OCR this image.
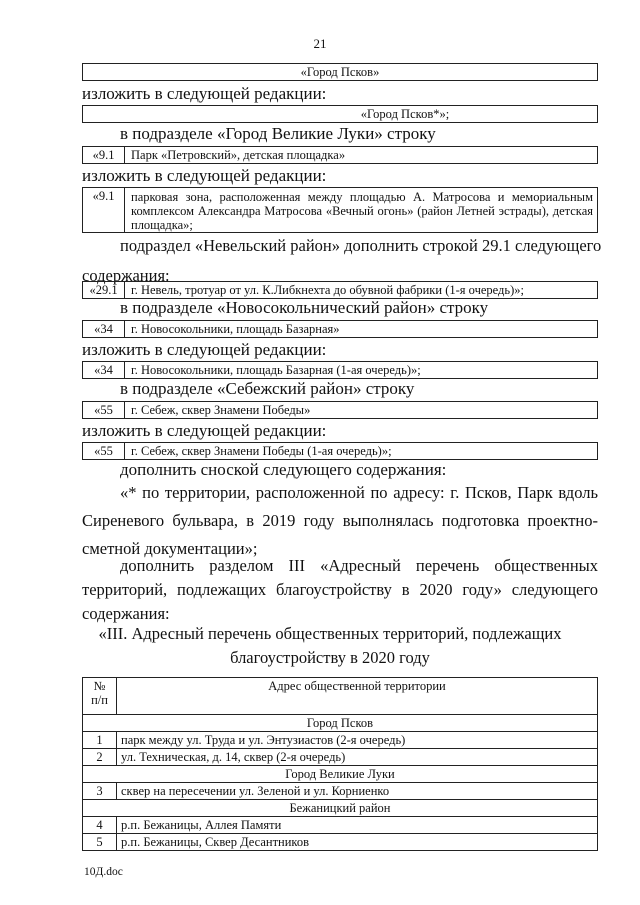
21
«Город Псков»
изложить в следующей редакции:
«Город Псков*»;
в подразделе «Город Великие Луки» строку
«9.1	Парк «Петровский», детская площадка»
изложить в следующей редакции:
«9.1	парковая зона, расположенная между площадью А. Матросова и мемориальным комплексом Александра Матросова «Вечный огонь» (район Летней эстрады), детская площадка»;
подраздел «Невельский район» дополнить строкой 29.1 следующего
содержания:
«29.1	г. Невель, тротуар от ул. К.Либкнехта до обувной фабрики (1-я очередь)»;
в подразделе «Новосокольнический район» строку
«34	г. Новосокольники, площадь Базарная»
изложить в следующей редакции:
«34	г. Новосокольники, площадь Базарная (1-ая очередь)»;
в подразделе «Себежский район» строку
«55	г. Себеж, сквер Знамени Победы»
изложить в следующей редакции:
«55	г. Себеж, сквер Знамени Победы (1-ая очередь)»;
дополнить сноской следующего содержания:
«* по территории, расположенной по адресу: г. Псков, Парк вдоль
Сиреневого бульвара, в 2019 году выполнялась подготовка проектно-
сметной документации»;
дополнить разделом III «Адресный перечень общественных
территорий, подлежащих благоустройству в 2020 году» следующего
содержания:
«III. Адресный перечень общественных территорий, подлежащих
благоустройству в 2020 году
№ п/п	Адрес общественной территории
Город Псков	
1	парк между ул. Труда и ул. Энтузиастов (2-я очередь)
2	ул. Техническая, д. 14, сквер (2-я очередь)
Город Великие Луки	
3	сквер на пересечении ул. Зеленой и ул. Корниенко
Бежаницкий район	
4	р.п. Бежаницы, Аллея Памяти
5	р.п. Бежаницы, Сквер Десантников
10Д.doc
